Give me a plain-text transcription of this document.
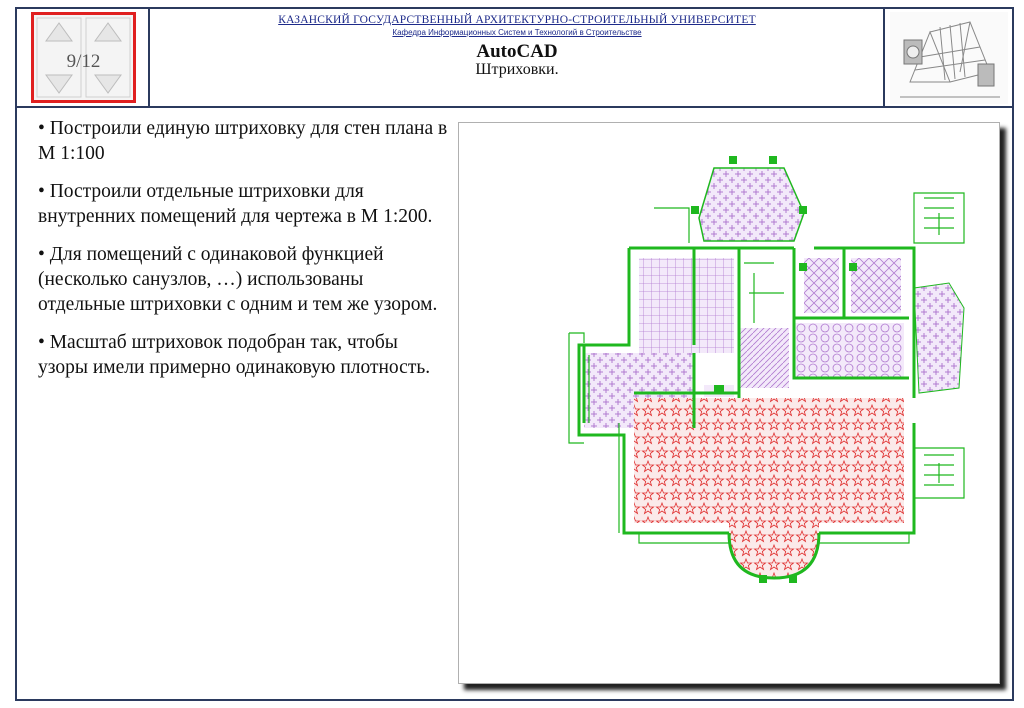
9/12
КАЗАНСКИЙ ГОСУДАРСТВЕННЫЙ АРХИТЕКТУРНО-СТРОИТЕЛЬНЫЙ УНИВЕРСИТЕТ
Кафедра Информационных Систем и Технологий в Строительстве
AutoCAD
Штриховки.
• Построили единую штриховку для стен плана в М 1:100
• Построили отдельные штриховки для внутренних помещений для чертежа в М 1:200.
• Для помещений с одинаковой функцией (несколько санузлов, …) использованы отдельные штриховки с одним и тем же узором.
• Масштаб штриховок подобран так, чтобы узоры имели примерно одинаковую плотность.
